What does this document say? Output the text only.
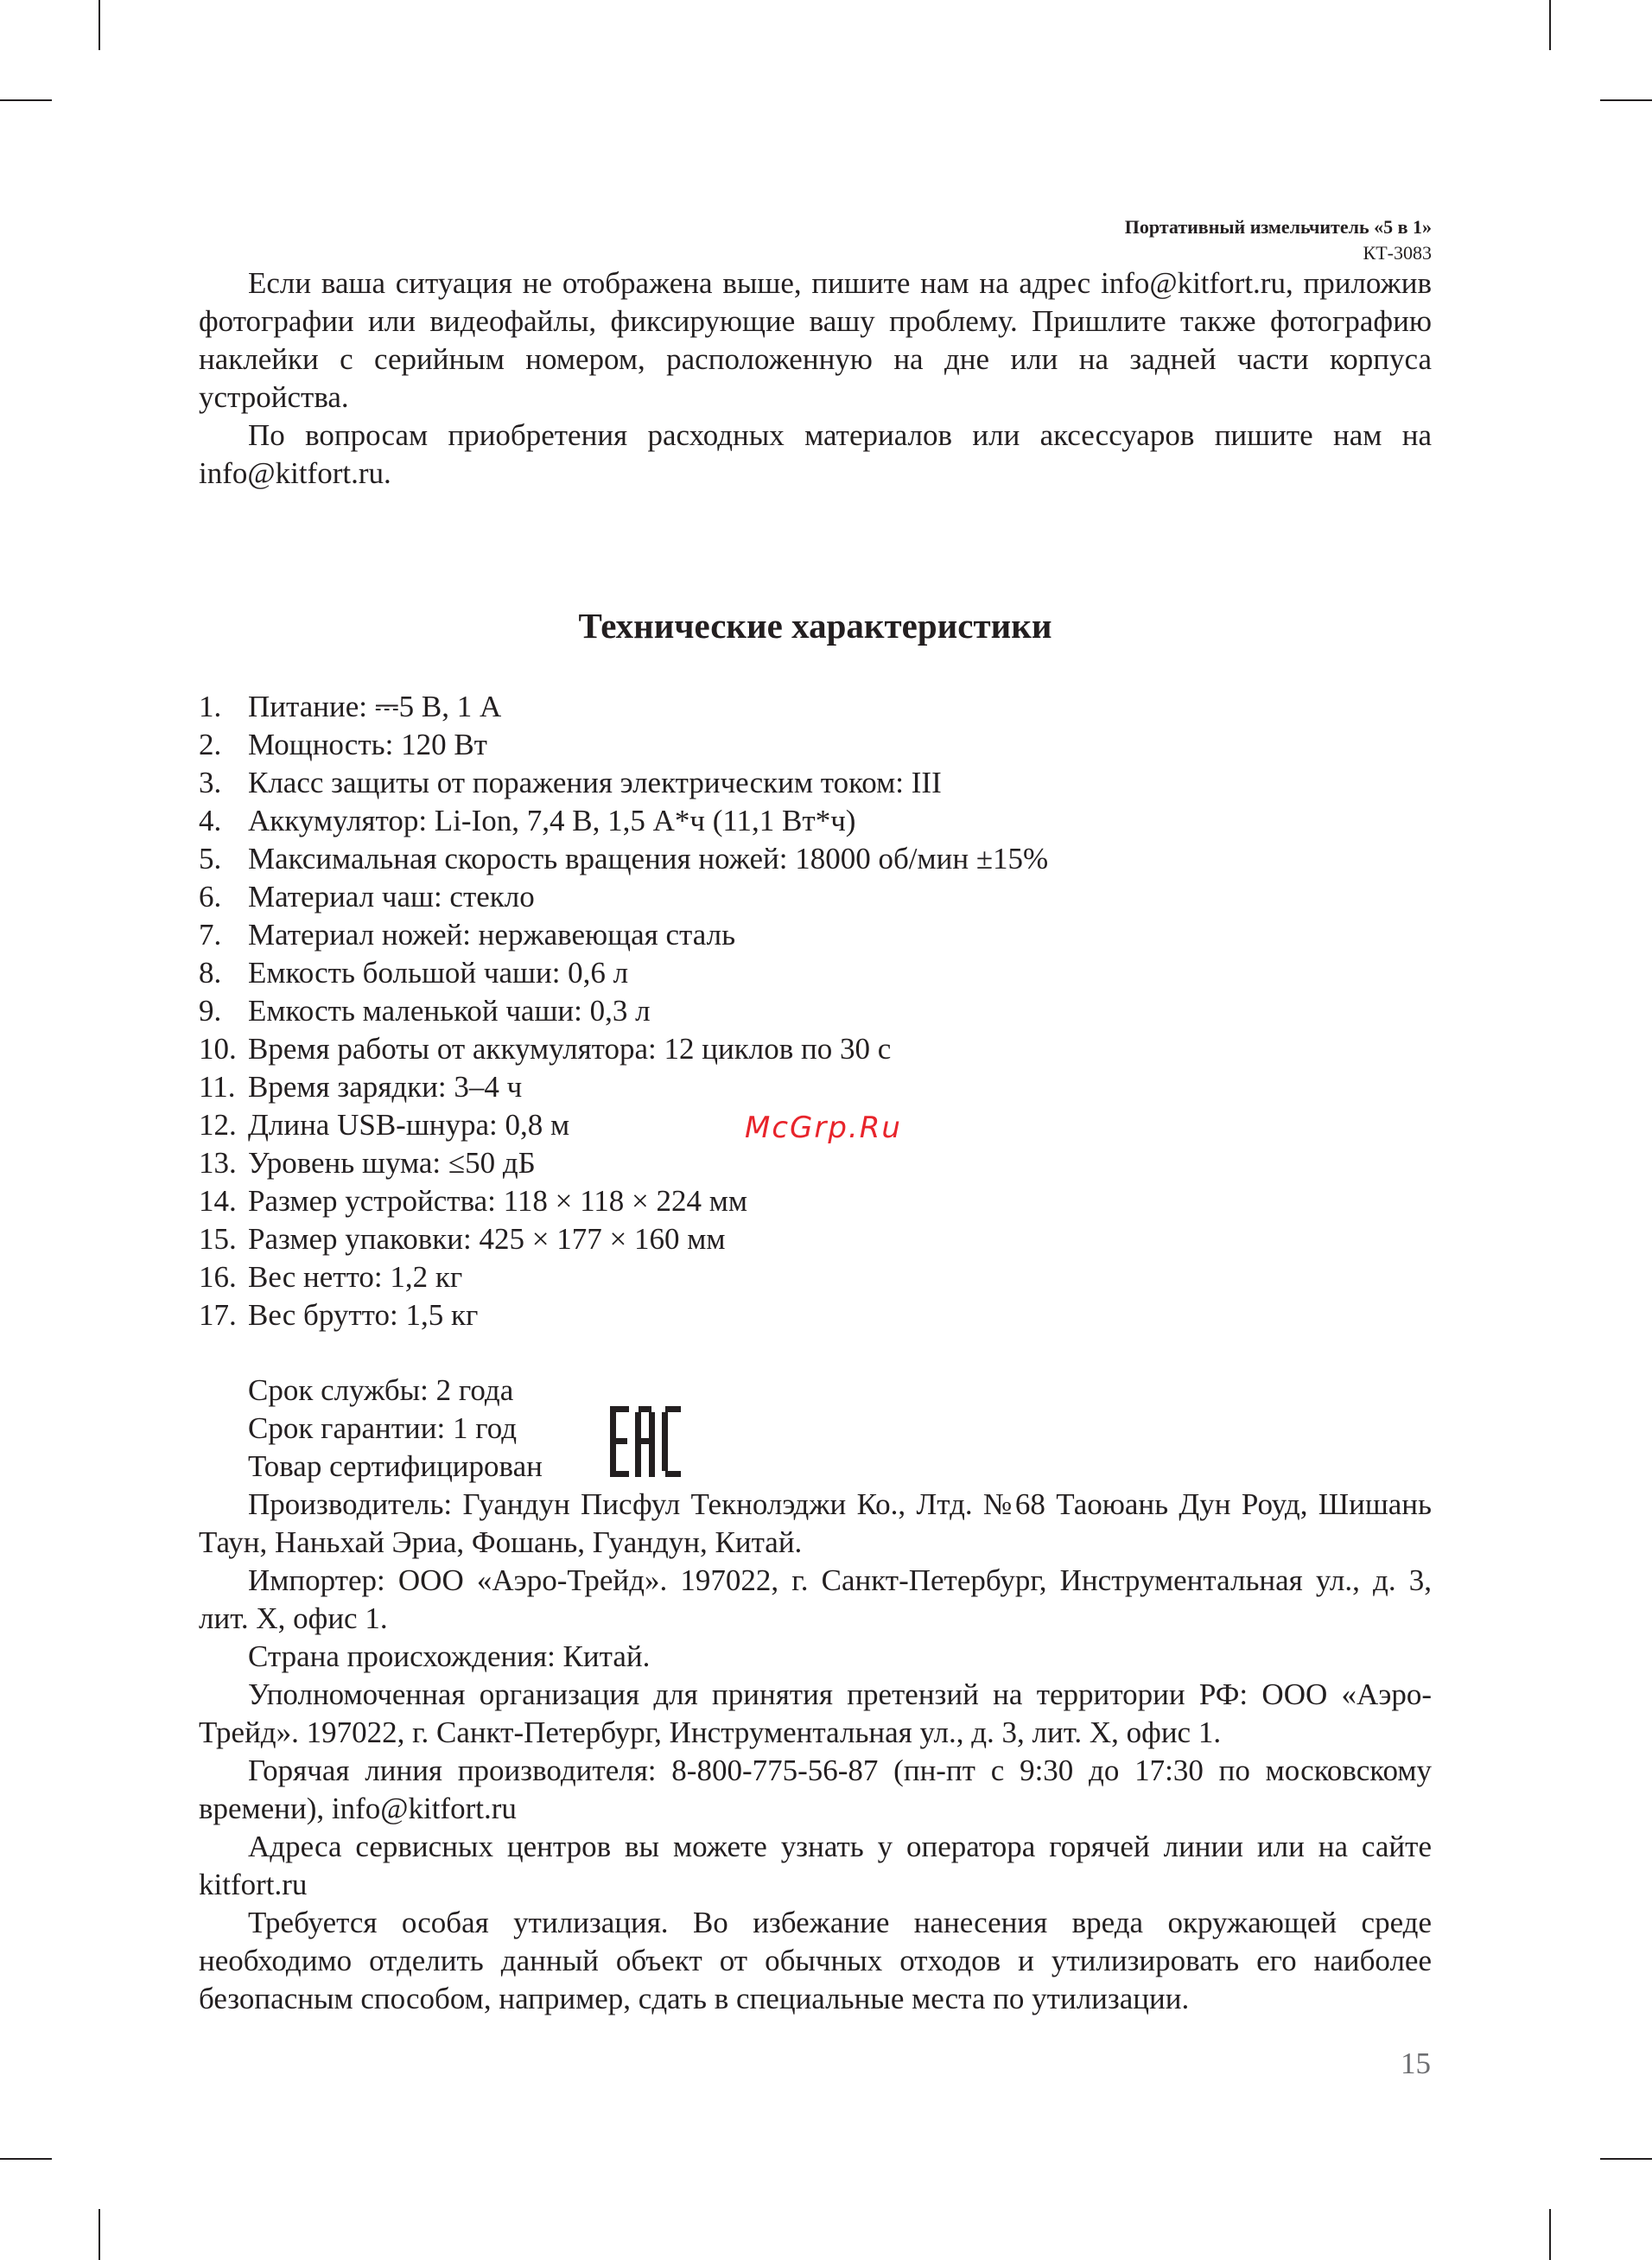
Портативный измельчитель «5 в 1»
КТ-3083

Если ваша ситуация не отображена выше, пишите нам на адрес info@kitfort.ru, приложив фотографии или видеофайлы, фиксирующие вашу проблему. Пришлите также фотографию наклейки с серийным номером, расположенную на дне или на задней части корпуса устройства.

По вопросам приобретения расходных материалов или аксессуаров пишите нам на info@kitfort.ru.

Технические характеристики
1. Питание: ⎓5 В, 1 А
2. Мощность: 120 Вт
3. Класс защиты от поражения электрическим током: III
4. Аккумулятор: Li-Ion, 7,4 В, 1,5 А*ч (11,1 Вт*ч)
5. Максимальная скорость вращения ножей: 18000 об/мин ±15%
6. Материал чаш: стекло
7. Материал ножей: нержавеющая сталь
8. Емкость большой чаши: 0,6 л
9. Емкость маленькой чаши: 0,3 л
10. Время работы от аккумулятора: 12 циклов по 30 с
11. Время зарядки: 3–4 ч
12. Длина USB-шнура: 0,8 м
13. Уровень шума: ≤50 дБ
14. Размер устройства: 118 × 118 × 224 мм
15. Размер упаковки: 425 × 177 × 160 мм
16. Вес нетто: 1,2 кг
17. Вес брутто: 1,5 кг
McGrp.Ru
Срок службы: 2 года
Срок гарантии: 1 год
Товар сертифицирован

Производитель: Гуандун Писфул Текнолэджи Ко., Лтд. №68 Таоюань Дун Роуд, Шишань Таун, Наньхай Эриа, Фошань, Гуандун, Китай.

Импортер: ООО «Аэро-Трейд». 197022, г. Санкт-Петербург, Инструментальная ул., д. 3, лит. Х, офис 1.

Страна происхождения: Китай.

Уполномоченная организация для принятия претензий на территории РФ: ООО «Аэро-Трейд». 197022, г. Санкт-Петербург, Инструментальная ул., д. 3, лит. Х, офис 1.

Горячая линия производителя: 8-800-775-56-87 (пн-пт с 9:30 до 17:30 по московскому времени), info@kitfort.ru

Адреса сервисных центров вы можете узнать у оператора горячей линии или на сайте kitfort.ru

Требуется особая утилизация. Во избежание нанесения вреда окружающей среде необходимо отделить данный объект от обычных отходов и утилизировать его наиболее безопасным способом, например, сдать в специальные места по утилизации.

15
